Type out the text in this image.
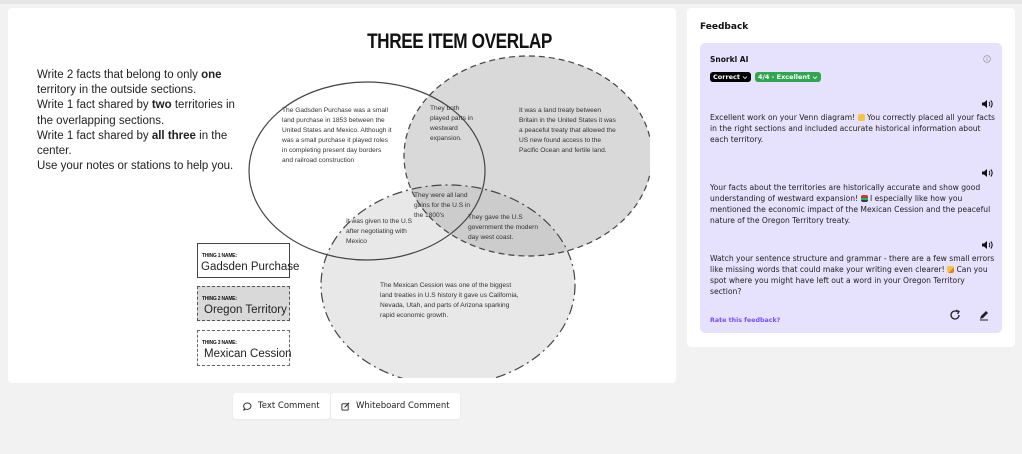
THREE ITEM OVERLAP

Write 2 facts that belong to only one territory in the outside sections.

Write 1 fact shared by two territories in the overlapping sections.

Write 1 fact shared by all three in the center.

Use your notes or stations to help you.

The Gadsden Purchase was a small land purchase in 1853 between the United States and Mexico. Although it was a small purchase it played roles in completing present day borders and railroad construction
They both played parts in westward expansion.
It was a land treaty between Britain in the United States it was a peaceful treaty that allowed the US new found access to the Pacific Ocean and fertile land.
They were all land gains for the U.S in the 1800's
It was given to the U.S after negotiating with Mexico
They gave the U.S government the modern day west coast.
The Mexican Cession was one of the biggest land treaties in U.S history it gave us California, Nevada, Utah, and parts of Arizona sparking rapid economic growth.
THING 1 NAME:
Gadsden Purchase
THING 2 NAME:
Oregon Territory
THING 3 NAME:
Mexican Cession
Text Comment	Whiteboard Comment
Feedback
Snorkl AI
Correct	4/4 - Excellent

Excellent work on your Venn diagram!  You correctly placed all your facts in the right sections and included accurate historical information about each territory.

Your facts about the territories are historically accurate and show good understanding of westward expansion!  I especially like how you mentioned the economic impact of the Mexican Cession and the peaceful nature of the Oregon Territory treaty.

Watch your sentence structure and grammar - there are a few small errors like missing words that could make your writing even clearer!  Can you spot where you might have left out a word in your Oregon Territory section?

Rate this feedback?
